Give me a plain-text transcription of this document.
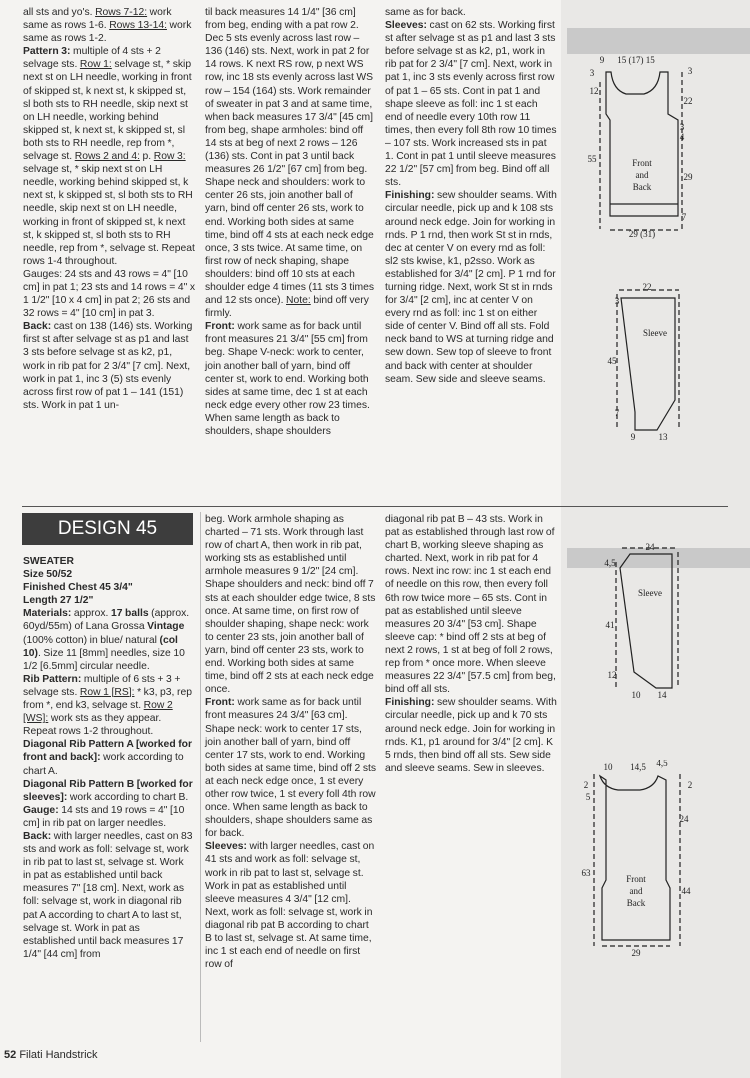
all sts and yo's. Rows 7-12: work same as rows 1-6. Rows 13-14: work same as rows 1-2.

Pattern 3: multiple of 4 sts + 2 selvage sts. Row 1: selvage st, * skip next st on LH needle, working in front of skipped st, k next st, k skipped st, sl both sts to RH needle, skip next st on LH needle, working behind skipped st, k next st, k skipped st, sl both sts to RH needle, rep from *, selvage st. Rows 2 and 4: p. Row 3: selvage st, * skip next st on LH needle, working behind skipped st, k next st, k skipped st, sl both sts to RH needle, skip next st on LH needle, working in front of skipped st, k next st, k skipped st, sl both sts to RH needle, rep from *, selvage st. Repeat rows 1-4 throughout.

Gauges: 24 sts and 43 rows = 4" [10 cm] in pat 1; 23 sts and 14 rows = 4" x 1 1/2" [10 x 4 cm] in pat 2; 26 sts and 32 rows = 4" [10 cm] in pat 3.

Back: cast on 138 (146) sts. Working first st after selvage st as p1 and last 3 sts before selvage st as k2, p1, work in rib pat for 2 3/4" [7 cm]. Next, work in pat 1, inc 3 (5) sts evenly across first row of pat 1 – 141 (151) sts. Work in pat 1 un-

til back measures 14 1/4" [36 cm] from beg, ending with a pat row 2. Dec 5 sts evenly across last row – 136 (146) sts. Next, work in pat 2 for 14 rows. K next RS row, p next WS row, inc 18 sts evenly across last WS row – 154 (164) sts. Work remainder of sweater in pat 3 and at same time, when back measures 17 3/4" [45 cm] from beg, shape armholes: bind off 14 sts at beg of next 2 rows – 126 (136) sts. Cont in pat 3 until back measures 26 1/2" [67 cm] from beg. Shape neck and shoulders: work to center 26 sts, join another ball of yarn, bind off center 26 sts, work to end. Working both sides at same time, bind off 4 sts at each neck edge once, 3 sts twice. At same time, on first row of neck shaping, shape shoulders: bind off 10 sts at each shoulder edge 4 times (11 sts 3 times and 12 sts once). Note: bind off very firmly.

Front: work same as for back until front measures 21 3/4" [55 cm] from beg. Shape V-neck: work to center, join another ball of yarn, bind off center st, work to end. Working both sides at same time, dec 1 st at each neck edge every other row 23 times. When same length as back to shoulders, shape shoulders

same as for back.

Sleeves: cast on 62 sts. Working first st after selvage st as p1 and last 3 sts before selvage st as k2, p1, work in rib pat for 2 3/4" [7 cm]. Next, work in pat 1, inc 3 sts evenly across first row of pat 1 – 65 sts. Cont in pat 1 and shape sleeve as foll: inc 1 st each end of needle every 10th row 11 times, then every foll 8th row 10 times – 107 sts. Work increased sts in pat 1. Cont in pat 1 until sleeve measures 22 1/2" [57 cm] from beg. Bind off all sts.

Finishing: sew shoulder seams. With circular needle, pick up and k 108 sts around neck edge. Join for working in rnds. P 1 rnd, then work St st in rnds, dec at center V on every rnd as foll: sl2 sts kwise, k1, p2sso. Work as established for 3/4" [2 cm]. P 1 rnd for turning ridge. Next, work St st in rnds for 3/4" [2 cm], inc at center V on every rnd as foll: inc 1 st on either side of center V. Bind off all sts. Fold neck band to WS at turning ridge and sew down. Sew top of sleeve to front and back with center at shoulder seam. Sew side and sleeve seams.

9 15 (17) 15
3
3
12
22
3
4
55
29
7
29 (31)
Front
and
Back
22
3
45
7
9	13
Sleeve
DESIGN 45

SWEATER

Size 50/52

Finished Chest 45 3/4"

Length 27 1/2"

Materials: approx. 17 balls (approx. 60yd/55m) of Lana Grossa Vintage (100% cotton) in blue/ natural (col 10). Size 11 [8mm] needles, size 10 1/2 [6.5mm] circular needle.

Rib Pattern: multiple of 6 sts + 3 + selvage sts. Row 1 [RS]: * k3, p3, rep from *, end k3, selvage st. Row 2 [WS]: work sts as they appear. Repeat rows 1-2 throughout.

Diagonal Rib Pattern A [worked for front and back]: work according to chart A.

Diagonal Rib Pattern B [worked for sleeves]: work according to chart B.

Gauge: 14 sts and 19 rows = 4" [10 cm] in rib pat on larger needles.

Back: with larger needles, cast on 83 sts and work as foll: selvage st, work in rib pat to last st, selvage st. Work in pat as established until back measures 7" [18 cm]. Next, work as foll: selvage st, work in diagonal rib pat A according to chart A to last st, selvage st. Work in pat as established until back measures 17 1/4" [44 cm] from

beg. Work armhole shaping as charted – 71 sts. Work through last row of chart A, then work in rib pat, working sts as established until armhole measures 9 1/2" [24 cm]. Shape shoulders and neck: bind off 7 sts at each shoulder edge twice, 8 sts once. At same time, on first row of shoulder shaping, shape neck: work to center 23 sts, join another ball of yarn, bind off center 23 sts, work to end. Working both sides at same time, bind off 2 sts at each neck edge once.

Front: work same as for back until front measures 24 3/4" [63 cm]. Shape neck: work to center 17 sts, join another ball of yarn, bind off center 17 sts, work to end. Working both sides at same time, bind off 2 sts at each neck edge once, 1 st every other row twice, 1 st every foll 4th row once. When same length as back to shoulders, shape shoulders same as for back.

Sleeves: with larger needles, cast on 41 sts and work as foll: selvage st, work in rib pat to last st, selvage st. Work in pat as established until sleeve measures 4 3/4" [12 cm]. Next, work as foll: selvage st, work in diagonal rib pat B according to chart B to last st, selvage st. At same time, inc 1 st each end of needle on first row of

diagonal rib pat B – 43 sts. Work in pat as established through last row of chart B, working sleeve shaping as charted. Next, work in rib pat for 4 rows. Next inc row: inc 1 st each end of needle on this row, then every foll 6th row twice more – 65 sts. Cont in pat as established until sleeve measures 20 3/4" [53 cm]. Shape sleeve cap: * bind off 2 sts at beg of next 2 rows, 1 st at beg of foll 2 rows, rep from * once more. When sleeve measures 22 3/4" [57.5 cm] from beg, bind off all sts.

Finishing: sew shoulder seams. With circular needle, pick up and k 70 sts around neck edge. Join for working in rnds. K1, p1 around for 3/4" [2 cm]. K 5 rnds, then bind off all sts. Sew side and sleeve seams. Sew in sleeves.

24
4,5
41
12
10 14
Sleeve
10 14,5 4,5
2
5
2
24
63
44
29
Front
and
Back
52 Filati Handstrick
